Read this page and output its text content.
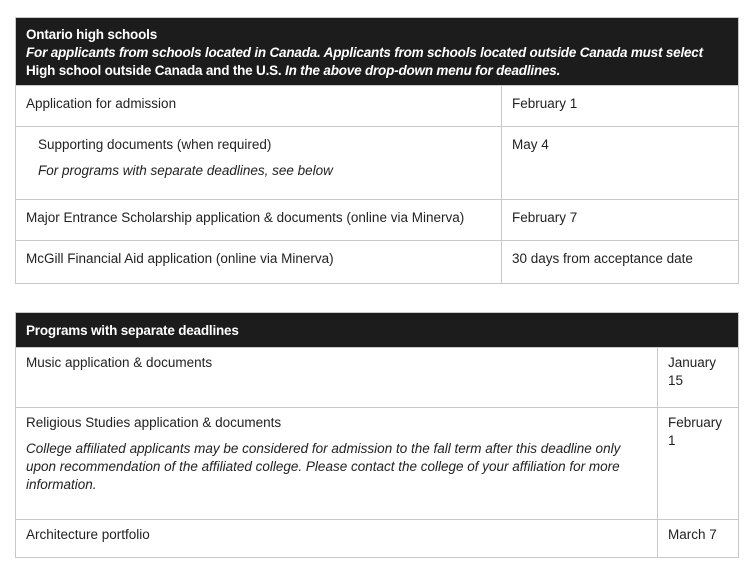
Ontario high schools
For applicants from schools located in Canada. Applicants from schools located outside Canada must select
High school outside Canada and the U.S. In the above drop-down menu for deadlines.	

Application for admission	February 1

Supporting documents (when required)
For programs with separate deadlines, see below	May 4
Major Entrance Scholarship application & documents (online via Minerva)	February 7
McGill Financial Aid application (online via Minerva)	30 days from acceptance date
Programs with separate deadlines	

Music application & documents	January 15

Religious Studies application & documents
College affiliated applicants may be considered for admission to the fall term after this deadline only upon recommendation of the affiliated college. Please contact the college of your affiliation for more information.	February 1
Architecture portfolio	March 7
